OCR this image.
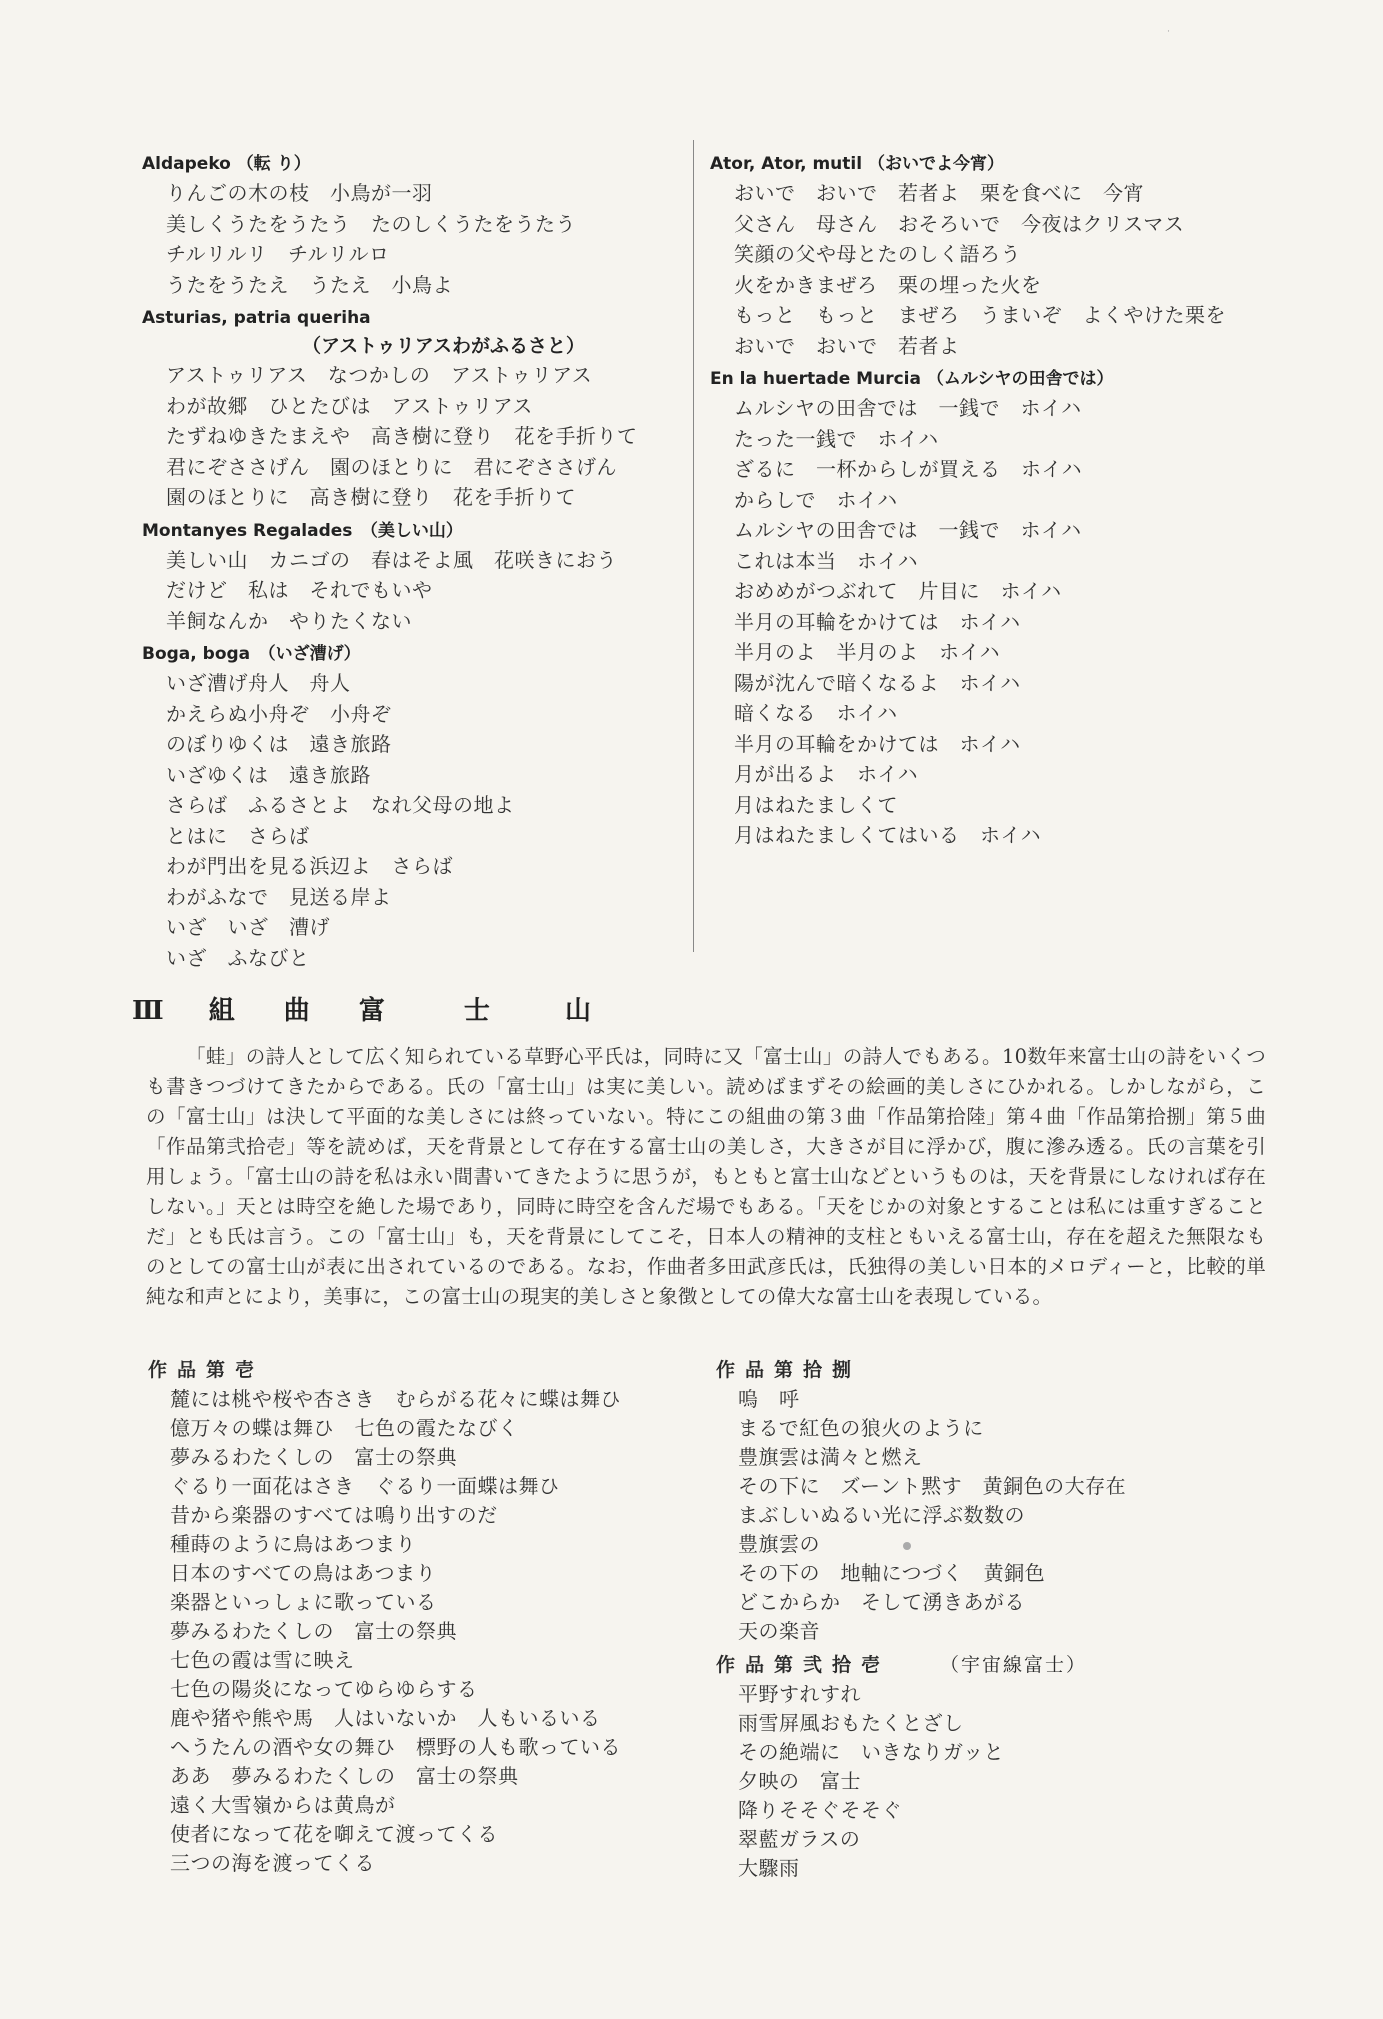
˙
Aldapeko （転 り）
りんごの木の枝　小鳥が一羽
美しくうたをうたう　たのしくうたをうたう
チルリルリ　チルリルロ
うたをうたえ　うたえ　小鳥よ
Asturias, patria queriha
（アストゥリアスわがふるさと）
アストゥリアス　なつかしの　アストゥリアス
わが故郷　ひとたびは　アストゥリアス
たずねゆきたまえや　高き樹に登り　花を手折りて
君にぞささげん　園のほとりに　君にぞささげん
園のほとりに　高き樹に登り　花を手折りて
Montanyes Regalades　（美しい山）
美しい山　カニゴの　春はそよ風　花咲きにおう
だけど　私は　それでもいや
羊飼なんか　やりたくない
Boga, boga　（いざ漕げ）
いざ漕げ舟人　舟人
かえらぬ小舟ぞ　小舟ぞ
のぼりゆくは　遠き旅路
いざゆくは　遠き旅路
さらば　ふるさとよ　なれ父母の地よ
とはに　さらば
わが門出を見る浜辺よ　さらば
わがふなで　見送る岸よ
いざ　いざ　漕げ
いざ　ふなびと
Ator, Ator, mutil （おいでよ今宵）
おいで　おいで　若者よ　栗を食べに　今宵
父さん　母さん　おそろいで　今夜はクリスマス
笑顔の父や母とたのしく語ろう
火をかきまぜろ　栗の埋った火を
もっと　もっと　まぜろ　うまいぞ　よくやけた栗を
おいで　おいで　若者よ
En la huertade Murcia （ムルシヤの田舎では）
ムルシヤの田舎では　一銭で　ホイハ
たった一銭で　ホイハ
ざるに　一杯からしが買える　ホイハ
からしで　ホイハ
ムルシヤの田舎では　一銭で　ホイハ
これは本当　ホイハ
おめめがつぶれて　片目に　ホイハ
半月の耳輪をかけては　ホイハ
半月のよ　半月のよ　ホイハ
陽が沈んで暗くなるよ　ホイハ
暗くなる　ホイハ
半月の耳輪をかけては　ホイハ
月が出るよ　ホイハ
月はねたましくて
月はねたましくてはいる　ホイハ
Ⅲ 組 曲 富	士	山
「蛙」の詩人として広く知られている草野心平氏は，同時に又「富士山」の詩人でもある。10数年来富士山の詩をいくつも書きつづけてきたからである。氏の「富士山」は実に美しい。読めばまずその絵画的美しさにひかれる。しかしながら，この「富士山」は決して平面的な美しさには終っていない。特にこの組曲の第３曲「作品第拾陸」第４曲「作品第拾捌」第５曲「作品第弐拾壱」等を読めば，天を背景として存在する富士山の美しさ，大きさが目に浮かび，腹に滲み透る。氏の言葉を引用しょう。「富士山の詩を私は永い間書いてきたように思うが，もともと富士山などというものは，天を背景にしなければ存在しない。」天とは時空を絶した場であり，同時に時空を含んだ場でもある。「天をじかの対象とすることは私には重すぎることだ」とも氏は言う。この「富士山」も，天を背景にしてこそ，日本人の精神的支柱ともいえる富士山，存在を超えた無限なものとしての富士山が表に出されているのである。なお，作曲者多田武彦氏は，氏独得の美しい日本的メロディーと，比較的単純な和声とにより，美事に，この富士山の現実的美しさと象徴としての偉大な富士山を表現している。
作品第壱
麓には桃や桜や杏さき　むらがる花々に蝶は舞ひ
億万々の蝶は舞ひ　七色の霞たなびく
夢みるわたくしの　富士の祭典
ぐるり一面花はさき　ぐるり一面蝶は舞ひ
昔から楽器のすべては鳴り出すのだ
種蒔のように鳥はあつまり
日本のすべての鳥はあつまり
楽器といっしょに歌っている
夢みるわたくしの　富士の祭典
七色の霞は雪に映え
七色の陽炎になってゆらゆらする
鹿や猪や熊や馬　人はいないか　人もいるいる
へうたんの酒や女の舞ひ　標野の人も歌っている
ああ　夢みるわたくしの　富士の祭典
遠く大雪嶺からは黄鳥が
使者になって花を啣えて渡ってくる
三つの海を渡ってくる
作品第拾捌
嗚　呼
まるで紅色の狼火のように
豊旗雲は満々と燃え
その下に　ズーント黙す　黄銅色の大存在
まぶしいぬるい光に浮ぶ数数の
豊旗雲の
その下の　地軸につづく　黄銅色
どこからか　そして湧きあがる
天の楽音
作品第弐拾壱	（宇宙線富士）
平野すれすれ
雨雪屏風おもたくとざし
その絶端に　いきなりガッと
夕映の　富士
降りそそぐそそぐ
翠藍ガラスの
大驟雨
